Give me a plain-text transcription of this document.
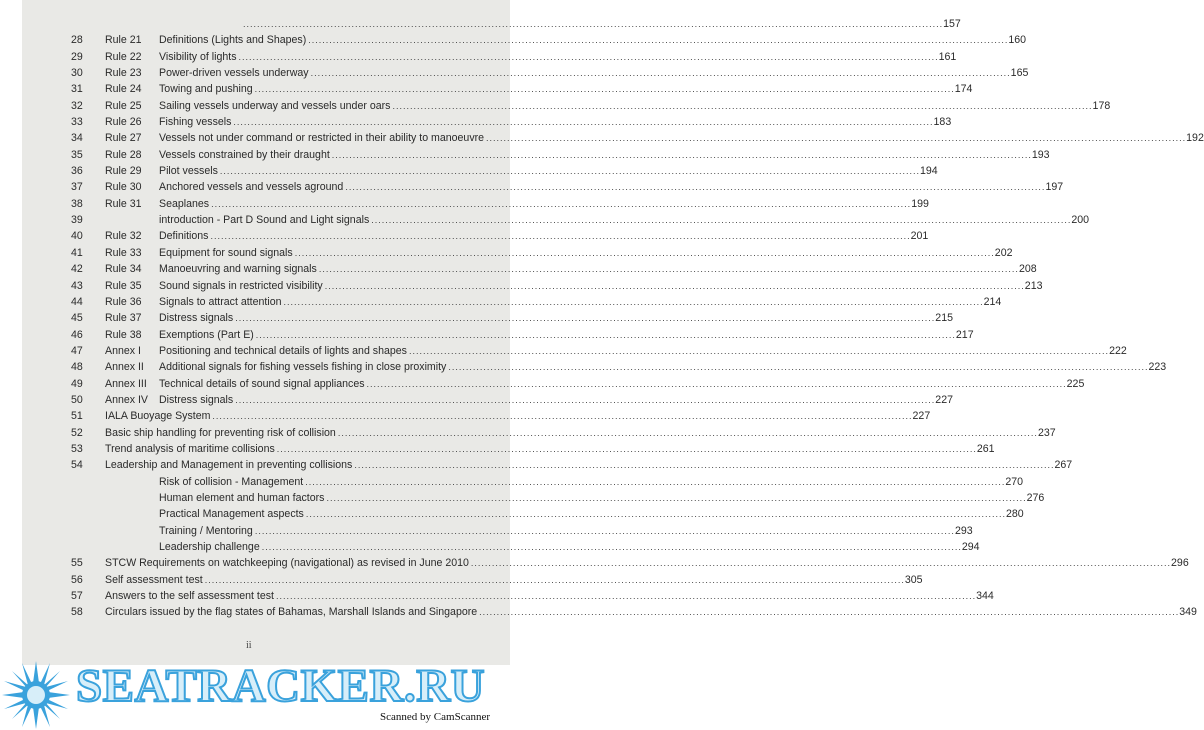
........................................................................................................................................................................................................ 157
28	Rule 21	Definitions (Lights and Shapes) ........................................................................................................................................................................................................ 160
29	Rule 22	Visibility of lights ........................................................................................................................................................................................................ 161
30	Rule 23	Power-driven vessels underway ........................................................................................................................................................................................................ 165
31	Rule 24	Towing and pushing ........................................................................................................................................................................................................ 174
32	Rule 25	Sailing vessels underway and vessels under oars ........................................................................................................................................................................................................ 178
33	Rule 26	Fishing vessels ........................................................................................................................................................................................................ 183
34	Rule 27	Vessels not under command or restricted in their ability to manoeuvre ........................................................................................................................................................................................................ 192
35	Rule 28	Vessels constrained by their draught ........................................................................................................................................................................................................ 193
36	Rule 29	Pilot vessels ........................................................................................................................................................................................................ 194
37	Rule 30	Anchored vessels and vessels aground ........................................................................................................................................................................................................ 197
38	Rule 31	Seaplanes ........................................................................................................................................................................................................ 199
39	introduction - Part D Sound and Light signals ........................................................................................................................................................................................................ 200
40	Rule 32	Definitions ........................................................................................................................................................................................................ 201
41	Rule 33	Equipment for sound signals ........................................................................................................................................................................................................ 202
42	Rule 34	Manoeuvring and warning signals ........................................................................................................................................................................................................ 208
43	Rule 35	Sound signals in restricted visibility ........................................................................................................................................................................................................ 213
44	Rule 36	Signals to attract attention ........................................................................................................................................................................................................ 214
45	Rule 37	Distress signals ........................................................................................................................................................................................................ 215
46	Rule 38	Exemptions (Part E) ........................................................................................................................................................................................................ 217
47	Annex I	Positioning and technical details of lights and shapes ........................................................................................................................................................................................................ 222
48	Annex II	Additional signals for fishing vessels fishing in close proximity ........................................................................................................................................................................................................ 223
49	Annex III	Technical details of sound signal appliances ........................................................................................................................................................................................................ 225
50	Annex IV	Distress signals ........................................................................................................................................................................................................ 227
51	IALA Buoyage System ........................................................................................................................................................................................................ 227
52	Basic ship handling for preventing risk of collision ........................................................................................................................................................................................................ 237
53	Trend analysis of maritime collisions ........................................................................................................................................................................................................ 261
54	Leadership and Management in preventing collisions ........................................................................................................................................................................................................ 267
Risk of collision - Management ........................................................................................................................................................................................................ 270
Human element and human factors ........................................................................................................................................................................................................ 276
Practical Management aspects ........................................................................................................................................................................................................ 280
Training / Mentoring ........................................................................................................................................................................................................ 293
Leadership challenge ........................................................................................................................................................................................................ 294
55	STCW Requirements on watchkeeping (navigational) as revised in June 2010 ........................................................................................................................................................................................................ 296
56	Self assessment test ........................................................................................................................................................................................................ 305
57	Answers to the self assessment test ........................................................................................................................................................................................................ 344
58	Circulars issued by the flag states of Bahamas, Marshall Islands and Singapore ........................................................................................................................................................................................................ 349
ii
SEATRACKER.RU
Scanned by CamScanner
